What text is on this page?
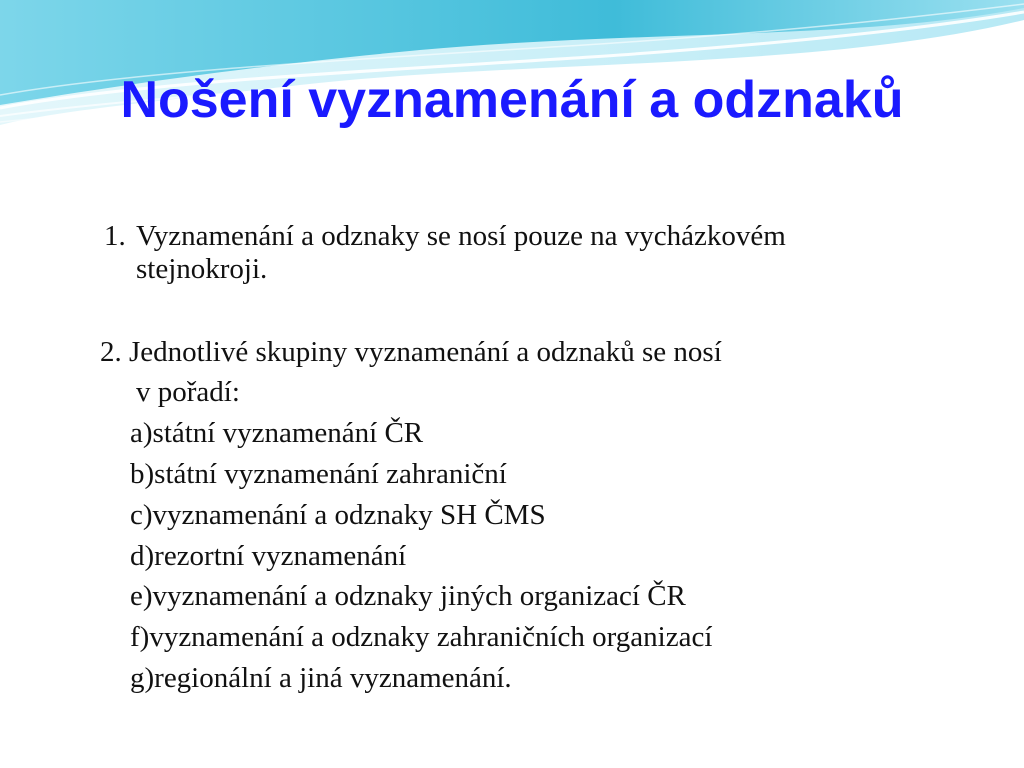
Nošení vyznamenání a odznaků
1. Vyznamenání a odznaky se nosí pouze na vycházkovém
stejnokroji.
2. Jednotlivé skupiny vyznamenání a odznaků se nosí
v pořadí:
a)státní vyznamenání ČR
b)státní vyznamenání zahraniční
c)vyznamenání a odznaky SH ČMS
d)rezortní vyznamenání
e)vyznamenání a odznaky jiných organizací ČR
f)vyznamenání a odznaky zahraničních organizací
g)regionální a jiná vyznamenání.
